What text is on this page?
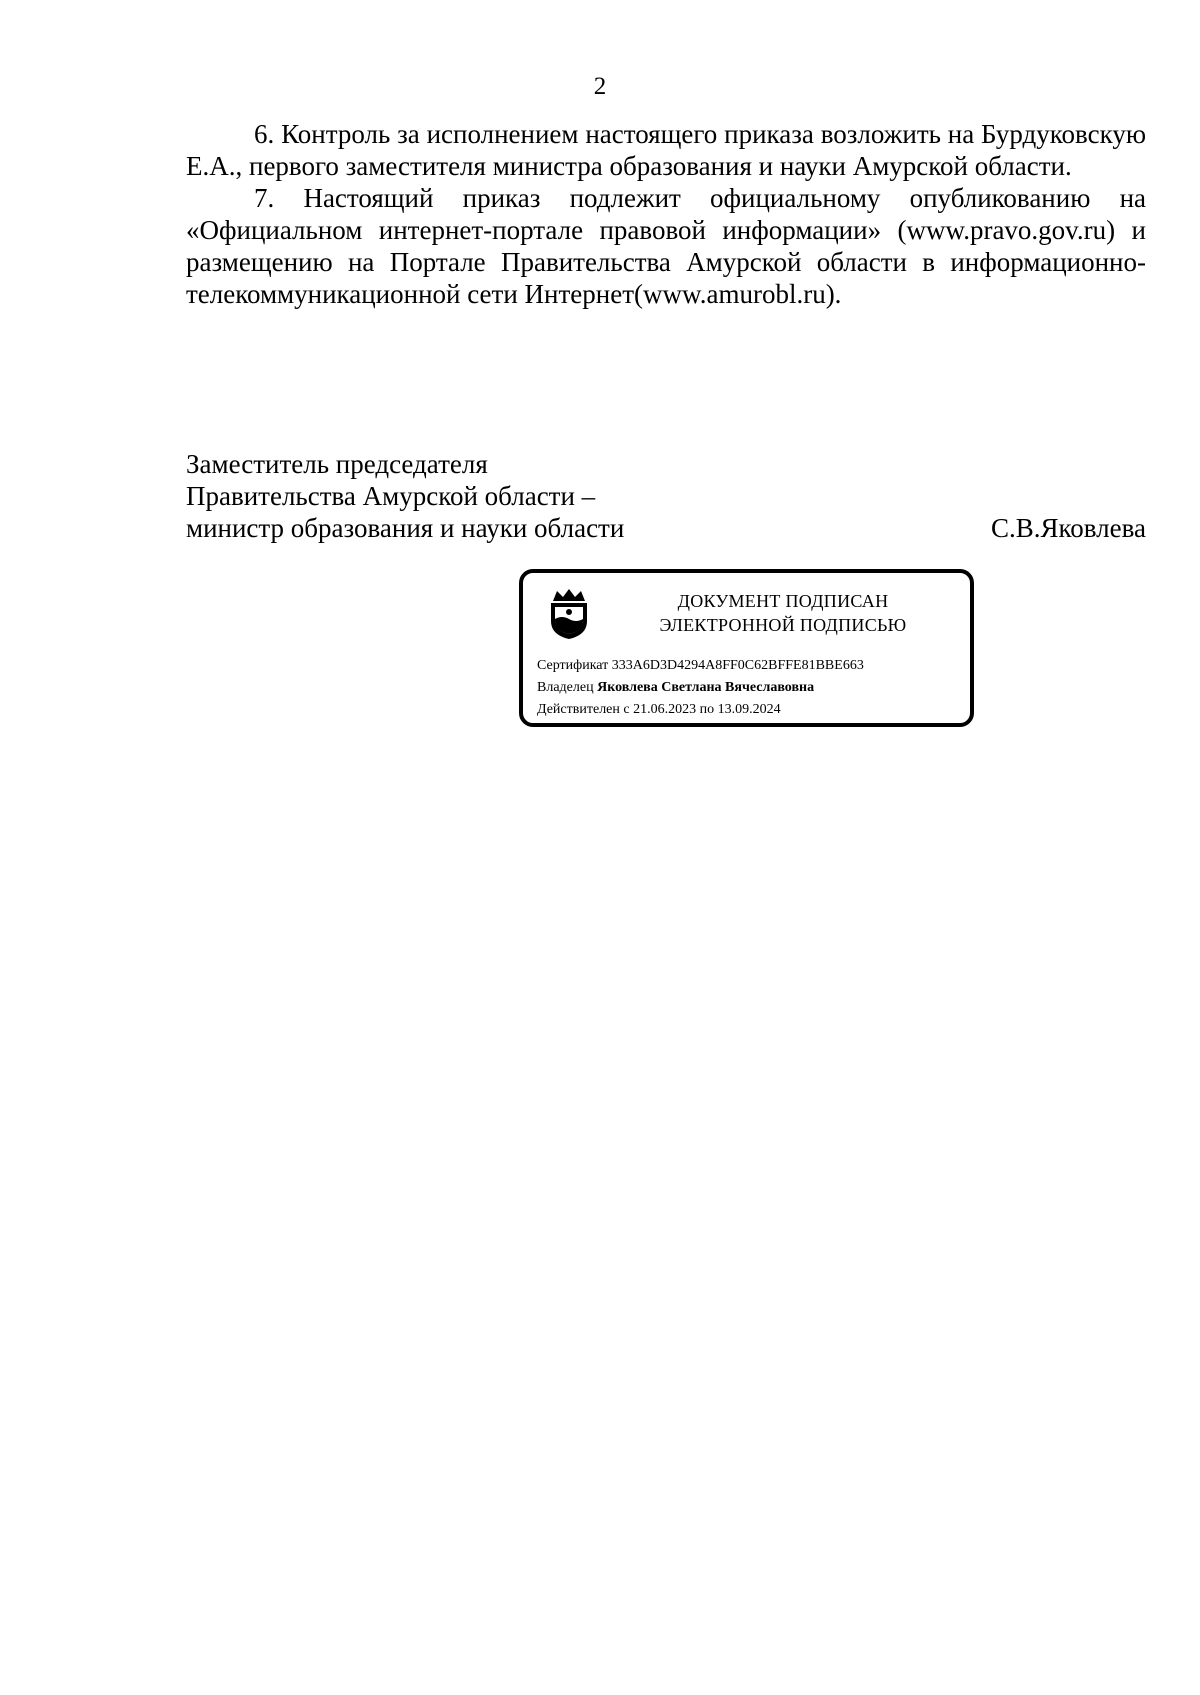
2

6. Контроль за исполнением настоящего приказа возложить на Бурдуковскую Е.А., первого заместителя министра образования и науки Амурской области.

7. Настоящий приказ подлежит официальному опубликованию на «Официальном интернет-портале правовой информации» (www.pravo.gov.ru) и размещению на Портале Правительства Амурской области в информационно-телекоммуникационной сети Интернет(www.amurobl.ru).

Заместитель председателя
Правительства Амурской области –
министр образования и науки области	С.В.Яковлева
ДОКУМЕНТ ПОДПИСАН
ЭЛЕКТРОННОЙ ПОДПИСЬЮ
Сертификат 333A6D3D4294A8FF0C62BFFE81BBE663
Владелец Яковлева Светлана Вячеславовна
Действителен с 21.06.2023 по 13.09.2024
